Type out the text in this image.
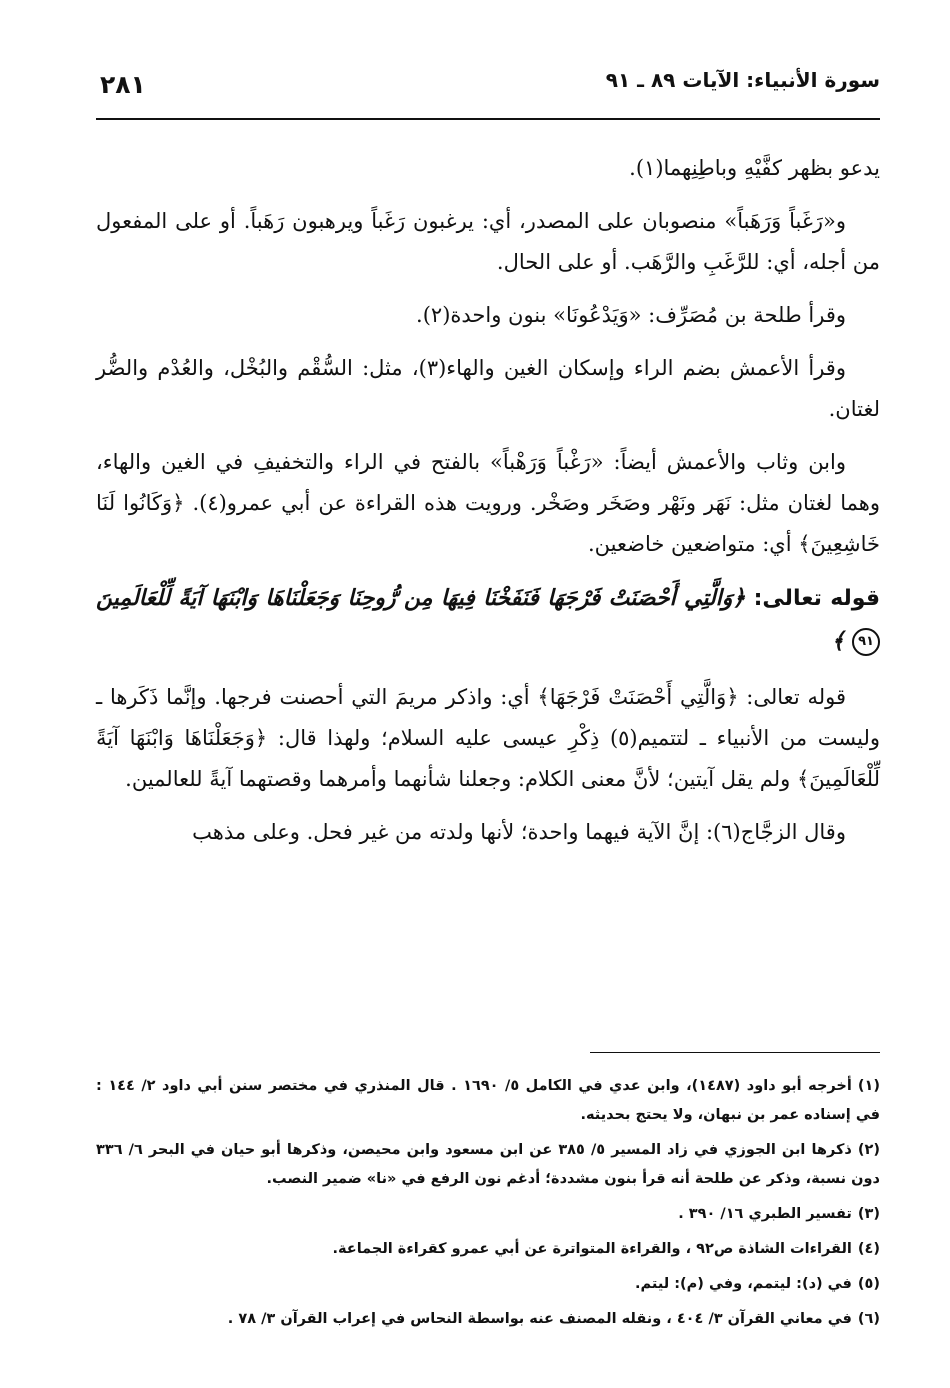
سورة الأنبياء: الآيات ٨٩ ـ ٩١
٢٨١

يدعو بظهر كفَّيْهِ وباطِنِهما(١).

و«رَغَباً وَرَهَباً» منصوبان على المصدر، أي: يرغبون رَغَباً ويرهبون رَهَباً. أو على المفعول من أجله، أي: للرَّغَبِ والرَّهَب. أو على الحال.

وقرأ طلحة بن مُصَرِّف: «وَيَدْعُونَا» بنون واحدة(٢).

وقرأ الأعمش بضم الراء وإسكان الغين والهاء(٣)، مثل: السُّقْم والبُخْل، والعُدْم والضُّر لغتان.

وابن وثاب والأعمش أيضاً: «رَغْباً وَرَهْباً» بالفتح في الراء والتخفيفِ في الغين والهاء، وهما لغتان مثل: نَهَر ونَهْر وصَخَر وصَخْر. ورويت هذه القراءة عن أبي عمرو(٤). ﴿وَكَانُوا لَنَا خَاشِعِينَ﴾ أي: متواضعين خاضعين.

قوله تعالى: ﴿وَالَّتِي أَحْصَنَتْ فَرْجَهَا فَنَفَخْنَا فِيهَا مِن رُّوحِنَا وَجَعَلْنَاهَا وَابْنَهَا آيَةً لِّلْعَالَمِينَ ٩١ ﴾

قوله تعالى: ﴿وَالَّتِي أَحْصَنَتْ فَرْجَهَا﴾ أي: واذكر مريمَ التي أحصنت فرجها. وإنَّما ذَكَرها ـ وليست من الأنبياء ـ لتتميم(٥) ذِكْرِ عيسى عليه السلام؛ ولهذا قال: ﴿وَجَعَلْنَاهَا وَابْنَهَا آيَةً لِّلْعَالَمِينَ﴾ ولم يقل آيتين؛ لأنَّ معنى الكلام: وجعلنا شأنهما وأمرهما وقصتهما آيةً للعالمين.

وقال الزجَّاج(٦): إنَّ الآية فيهما واحدة؛ لأنها ولدته من غير فحل. وعلى مذهب

(١)أخرجه أبو داود (١٤٨٧)، وابن عدي في الكامل ٥/ ١٦٩٠ . قال المنذري في مختصر سنن أبي داود ٢/ ١٤٤ : في إسناده عمر بن نبهان، ولا يحتج بحديثه.
(٢)ذكرها ابن الجوزي في زاد المسير ٥/ ٣٨٥ عن ابن مسعود وابن محيصن، وذكرها أبو حيان في البحر ٦/ ٣٣٦ دون نسبة، وذكر عن طلحة أنه قرأ بنون مشددة؛ أدغم نون الرفع في «نا» ضمير النصب.
(٣)تفسير الطبري ١٦/ ٣٩٠ .
(٤)القراءات الشاذة ص٩٢ ، والقراءة المتواترة عن أبي عمرو كقراءة الجماعة.
(٥)في (د): ليتمم، وفي (م): ليتم.
(٦)في معاني القرآن ٣/ ٤٠٤ ، ونقله المصنف عنه بواسطة النحاس في إعراب القرآن ٣/ ٧٨ .
